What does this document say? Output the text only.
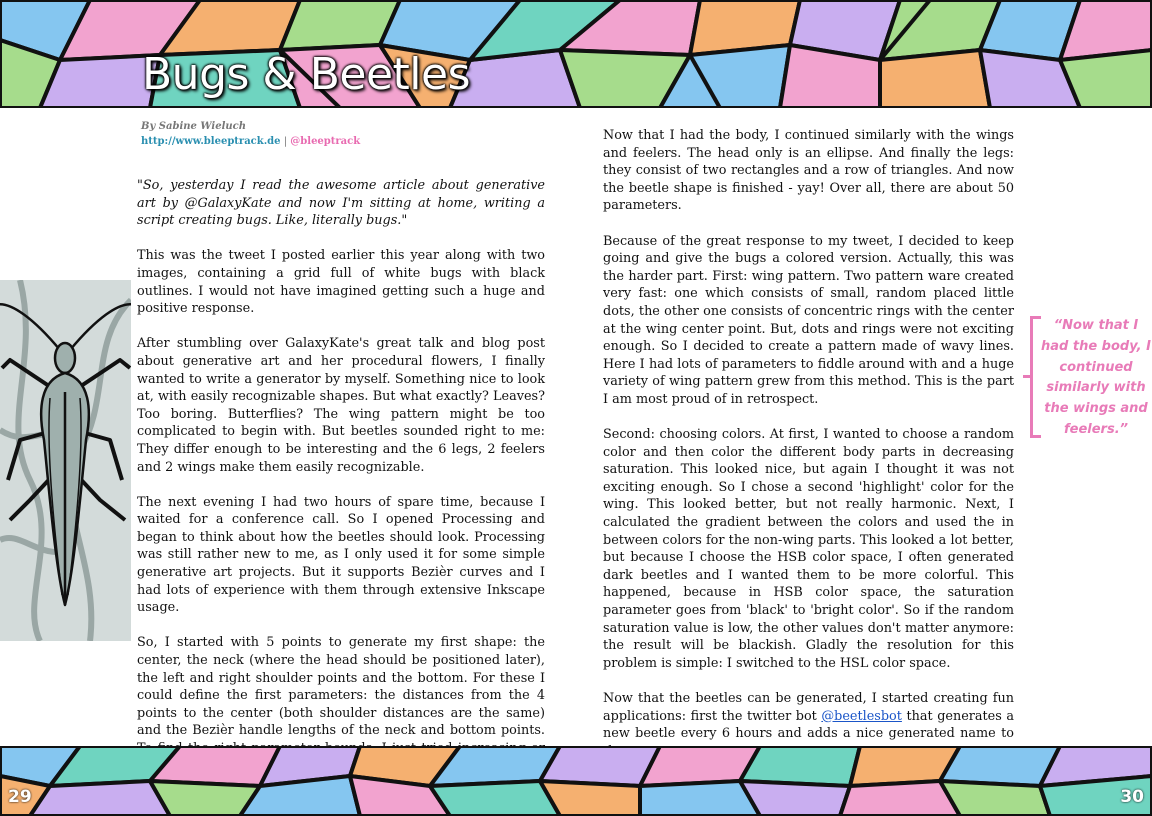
Bugs & Beetles
By Sabine Wieluch
http://www.bleeptrack.de | @bleeptrack

"So, yesterday I read the awesome article about generative art by @GalaxyKate and now I'm sitting at home, writing a script creating bugs. Like, literally bugs."

This was the tweet I posted earlier this year along with two images, containing a grid full of white bugs with black outlines. I would not have imagined getting such a huge and positive response.

After stumbling over GalaxyKate's great talk and blog post about generative art and her procedural flowers, I finally wanted to write a generator by myself. Something nice to look at, with easily recognizable shapes. But what exactly? Leaves? Too boring. Butterflies? The wing pattern might be too complicated to begin with. But beetles sounded right to me: They differ enough to be interesting and the 6 legs, 2 feelers and 2 wings make them easily recognizable.

The next evening I had two hours of spare time, because I waited for a conference call. So I opened Processing and began to think about how the beetles should look. Processing was still rather new to me, as I only used it for some simple generative art projects. But it supports Bezièr curves and I had lots of experience with them through extensive Inkscape usage.

So, I started with 5 points to generate my first shape: the center, the neck (where the head should be positioned later), the left and right shoulder points and the bottom. For these I could define the first parameters: the distances from the 4 points to the center (both shoulder distances are the same) and the Bezièr handle lengths of the neck and bottom points.

Now that I had the body, I continued similarly with the wings and feelers. The head only is an ellipse. And finally the legs: they consist of two rectangles and a row of triangles. And now the beetle shape is finished - yay! Over all, there are about 50 parameters.

Because of the great response to my tweet, I decided to keep going and give the bugs a colored version. Actually, this was the harder part. First: wing pattern. Two pattern ware created very fast: one which consists of small, random placed little dots, the other one consists of concentric rings with the center at the wing center point. But, dots and rings were not exciting enough. So I decided to create a pattern made of wavy lines. Here I had lots of parameters to fiddle around with and a huge variety of wing pattern grew from this method. This is the part I am most proud of in retrospect.

Second: choosing colors. At first, I wanted to choose a random color and then color the different body parts in decreasing saturation. This looked nice, but again I thought it was not exciting enough. So I chose a second 'highlight' color for the wing. This looked better, but not really harmonic. Next, I calculated the gradient between the colors and used the in between colors for the non-wing parts. This looked a lot better, but because I choose the HSB color space, I often generated dark beetles and I wanted them to be more colorful. This happened, because in HSB color space, the saturation parameter goes from 'black' to 'bright color'. So if the random saturation value is low, the other values don't matter anymore: the result will be blackish. Gladly the resolution for this problem is simple: I switched to the HSL color space.

Now that the beetles can be generated, I started creating fun applications: first the twitter bot @beetlesbot that generates a new beetle every 6 hours and adds a nice generated name to

“Now that I had the body, I continued similarly with the wings and feelers.”
29	30
